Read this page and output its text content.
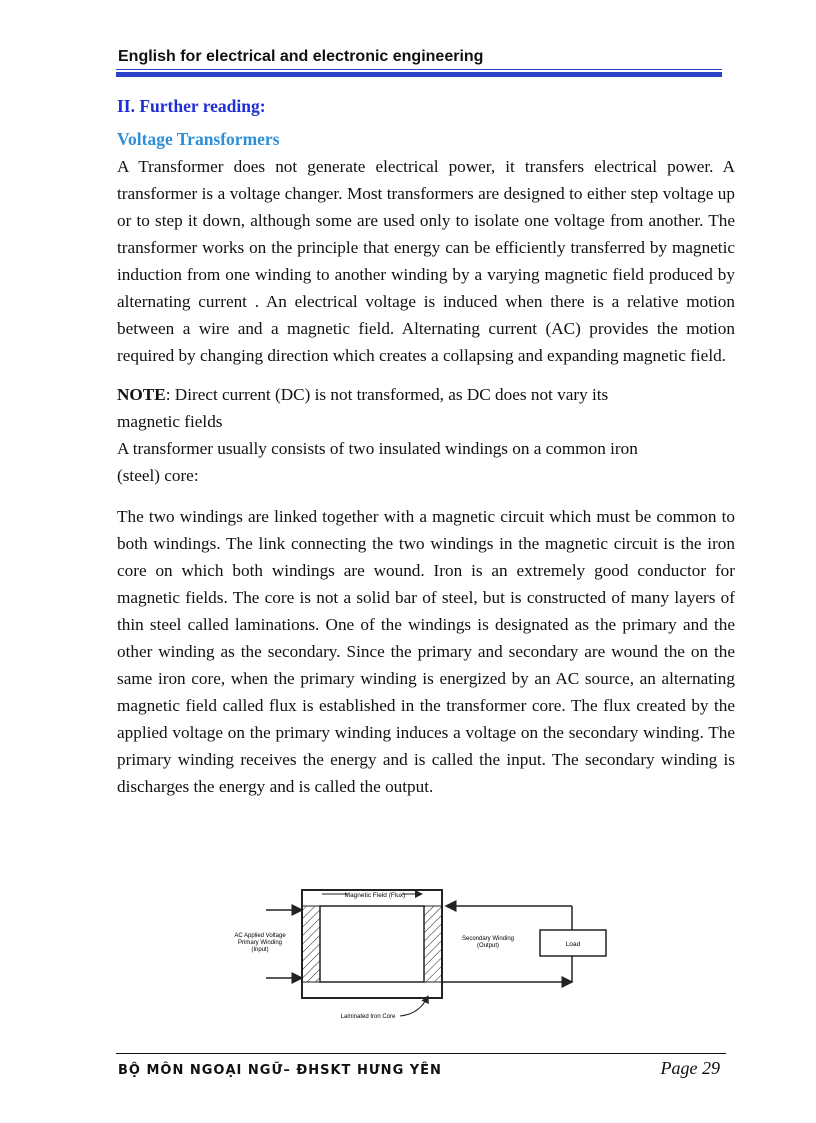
English for electrical and electronic engineering

II. Further reading:

Voltage Transformers

A Transformer does not generate electrical power, it transfers electrical power. A transformer is a voltage changer. Most transformers are designed to either step voltage up or to step it down, although some are used only to isolate one voltage from another. The transformer works on the principle that energy can be efficiently transferred by magnetic induction from one winding to another winding by a varying magnetic field produced by alternating current . An electrical voltage is induced when there is a relative motion between a wire and a magnetic field. Alternating current (AC) provides the motion required by changing direction which creates a collapsing and expanding magnetic field.

NOTE: Direct current (DC) is not transformed, as DC does not vary its

magnetic fields

A transformer usually consists of two insulated windings on a common iron

(steel) core:

The two windings are linked together with a magnetic circuit which must be common to both windings. The link connecting the two windings in the magnetic circuit is the iron core on which both windings are wound. Iron is an extremely good conductor for magnetic fields. The core is not a solid bar of steel, but is constructed of many layers of thin steel called laminations. One of the windings is designated as the primary and the other winding as the secondary. Since the primary and secondary are wound the on the same iron core, when the primary winding is energized by an AC source, an alternating magnetic field called flux is established in the transformer core. The flux created by the applied voltage on the primary winding induces a voltage on the secondary winding. The primary winding receives the energy and is called the input. The secondary winding is discharges the energy and is called the output.

Magnetic Field (Flux)
AC Applied Voltage
Primary Winding
(Input)
Load
Secondary Winding
(Output)
Laminated Iron Core
BỘ MÔN NGOẠI NGỮ– ĐHSKT HƯNG YÊN	Page 29
